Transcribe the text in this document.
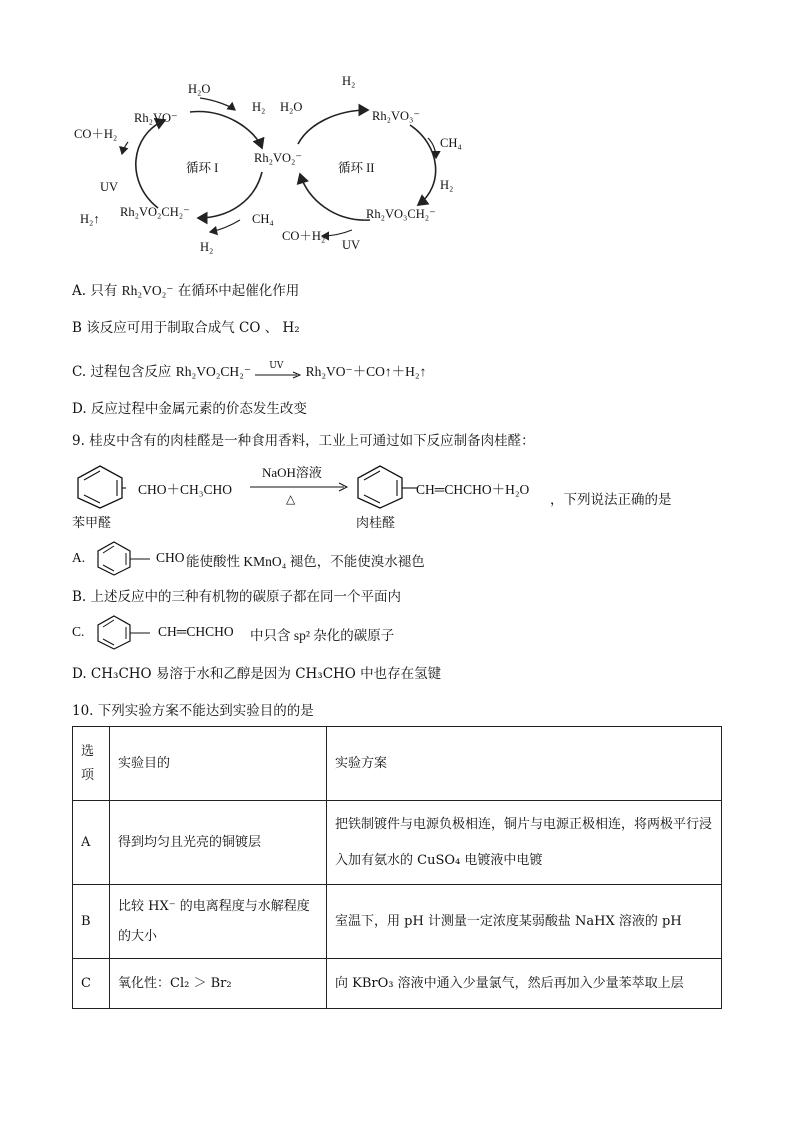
H₂O
H₂
Rh₂VO⁻
CO＋H₂
循环 I
UV
Rh₂VO₂CH₂⁻
H₂↑	CH₄
H₂
Rh₂VO₂⁻
H₂O
H₂
Rh₂VO₃⁻
CH₄
循环 II
H₂
Rh₂VO₃CH₂⁻
CO＋H₂
UV
A. 只有 Rh₂VO₂⁻ 在循环中起催化作用
B 该反应可用于制取合成气 CO 、 H₂
C. 过程包含反应 Rh₂VO₂CH₂⁻ UV Rh₂VO⁻＋CO↑＋H₂↑
D. 反应过程中金属元素的价态发生改变
9. 桂皮中含有的肉桂醛是一种食用香料，工业上可通过如下反应制备肉桂醛：
CHO＋CH₃CHO
NaOH溶液
△
CH═CHCHO＋H₂O
，下列说法正确的是
苯甲醛	肉桂醛
A.	CHO 能使酸性 KMnO₄ 褪色，不能使溴水褪色
B. 上述反应中的三种有机物的碳原子都在同一个平面内
C.	CH═CHCHO 中只含 sp² 杂化的碳原子
D. CH₃CHO 易溶于水和乙醇是因为 CH₃CHO 中也存在氢键
10. 下列实验方案不能达到实验目的的是
选项	实验目的	实验方案
A	得到均匀且光亮的铜镀层	把铁制镀件与电源负极相连，铜片与电源正极相连，将两极平行浸入加有氨水的 CuSO₄ 电镀液中电镀
B	比较 HX⁻ 的电离程度与水解程度的大小	室温下，用 pH 计测量一定浓度某弱酸盐 NaHX 溶液的 pH
C	氧化性：Cl₂ ＞ Br₂	向 KBrO₃ 溶液中通入少量氯气，然后再加入少量苯萃取上层
